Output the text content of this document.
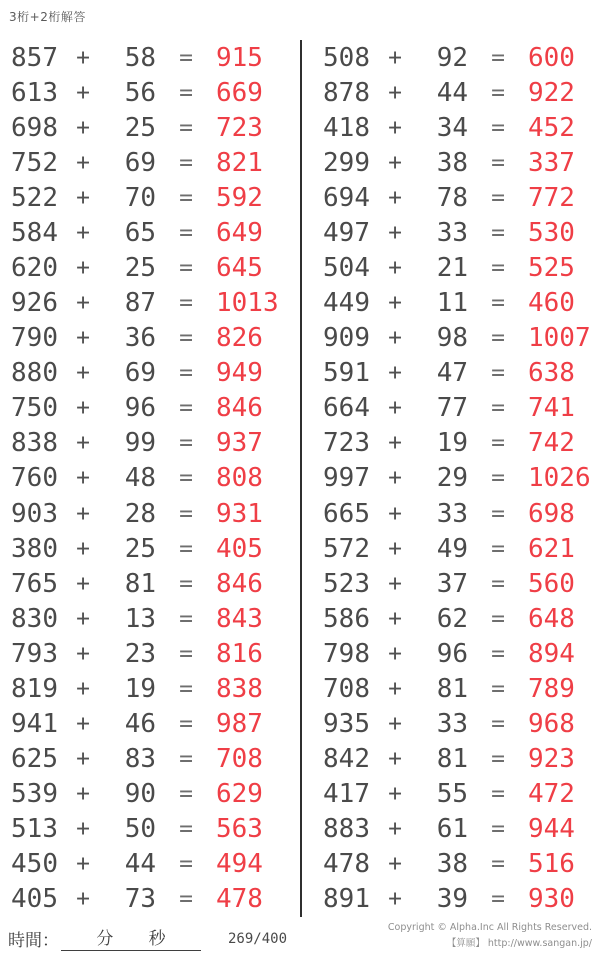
3桁+2桁解答
857 +	58	= 915
613 +	56	= 669
698 +	25	= 723
752 +	69	= 821
522 +	70	= 592
584 +	65	= 649
620 +	25	= 645
926 +	87	= 1013
790 +	36	= 826
880 +	69	= 949
750 +	96	= 846
838 +	99	= 937
760 +	48	= 808
903 +	28	= 931
380 +	25	= 405
765 +	81	= 846
830 +	13	= 843
793 +	23	= 816
819 +	19	= 838
941 +	46	= 987
625 +	83	= 708
539 +	90	= 629
513 +	50	= 563
450 +	44	= 494
405 +	73	= 478
508 +	92	= 600
878 +	44	= 922
418 +	34	= 452
299 +	38	= 337
694 +	78	= 772
497 +	33	= 530
504 +	21	= 525
449 +	11	= 460
909 +	98	= 1007
591 +	47	= 638
664 +	77	= 741
723 +	19	= 742
997 +	29	= 1026
665 +	33	= 698
572 +	49	= 621
523 +	37	= 560
586 +	62	= 648
798 +	96	= 894
708 +	81	= 789
935 +	33	= 968
842 +	81	= 923
417 +	55	= 472
883 +	61	= 944
478 +	38	= 516
891 +	39	= 930
時間： 分 秒	269/400
Copyright © Alpha.Inc All Rights Reserved.
【算願】 http://www.sangan.jp/
